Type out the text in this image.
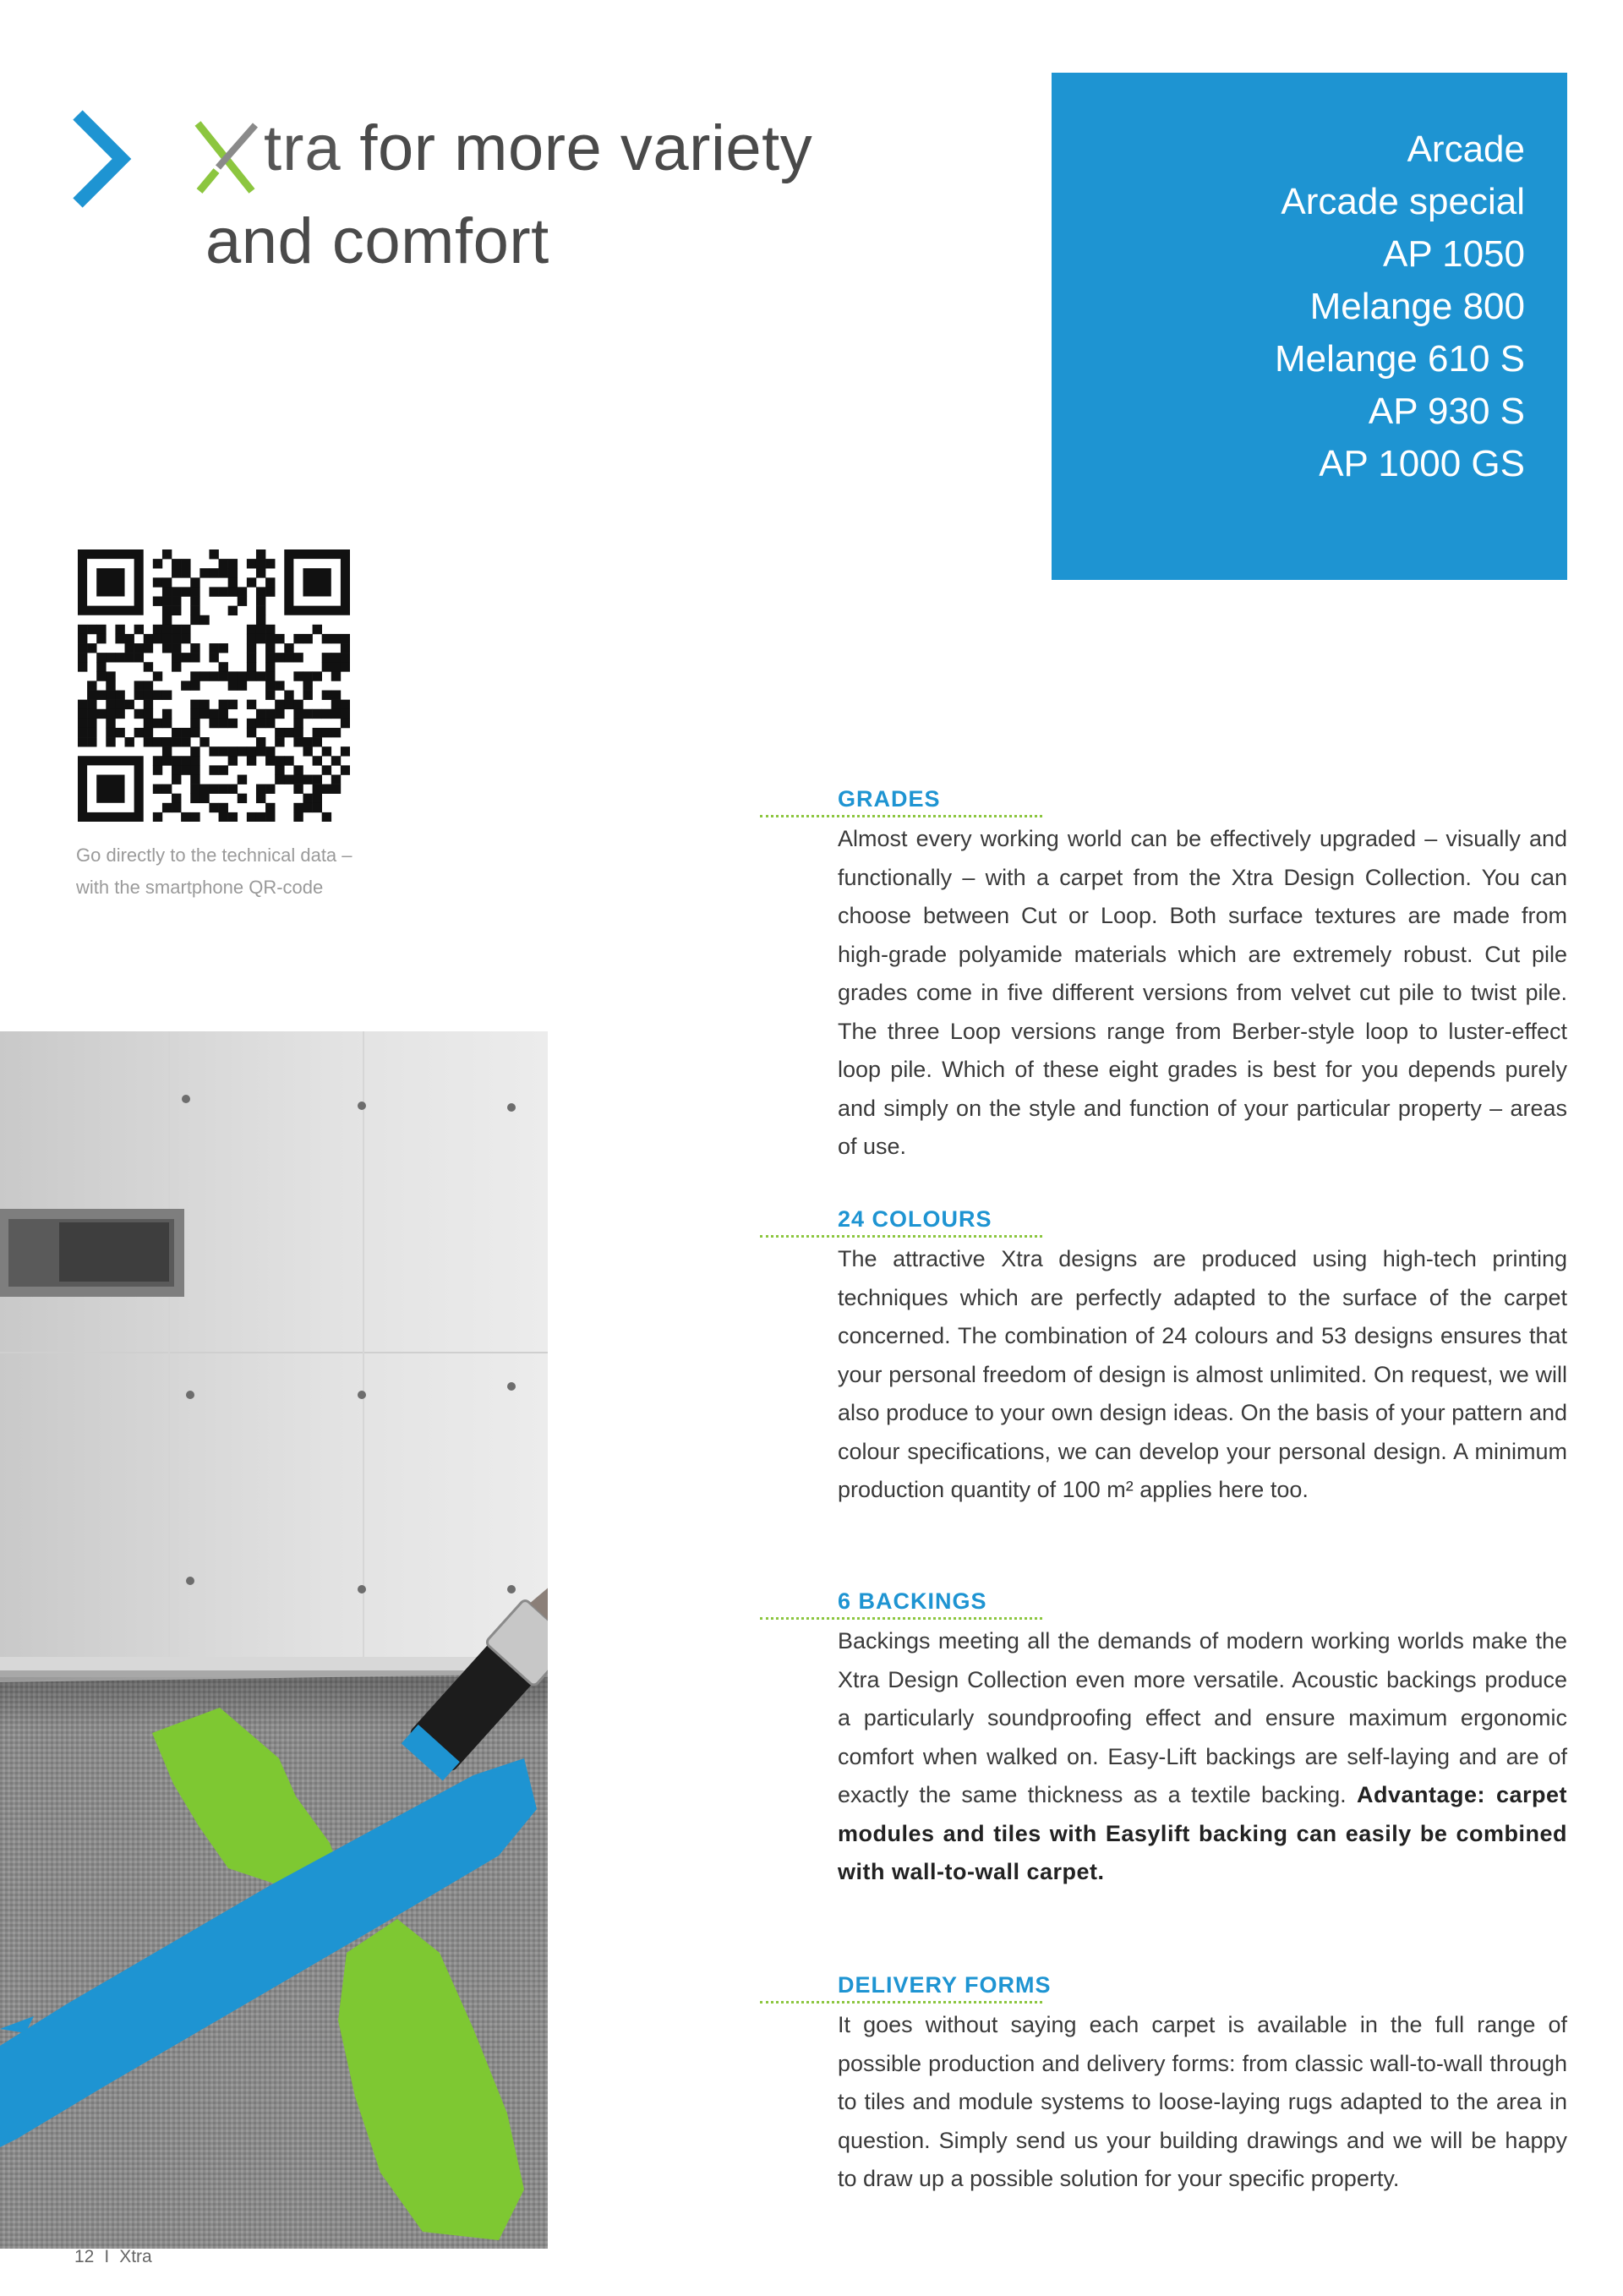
tra for more variety
and comfort
Arcade
Arcade special
AP 1050
Melange 800
Melange 610 S
AP 930 S
AP 1000 GS
Go directly to the technical data –
with the smartphone QR-code
GRADES

Almost every working world can be effectively upgraded – visually and functionally – with a carpet from the Xtra Design Collection. You can choose between Cut or Loop. Both surface textures are made from high-grade polyamide materials which are extremely robust. Cut pile grades come in five different versions from velvet cut pile to twist pile. The three Loop versions range from Berber-style loop to luster-effect loop pile. Which of these eight grades is best for you depends purely and simply on the style and function of your particular property – areas of use.

24 COLOURS

The attractive Xtra designs are produced using high-tech printing techniques which are perfectly adapted to the surface of the carpet concerned. The combination of 24 colours and 53 designs ensures that your personal freedom of design is almost unlimited. On request, we will also produce to your own design ideas. On the basis of your pattern and colour specifications, we can develop your personal design. A minimum production quantity of 100 m² applies here too.

6 BACKINGS

Backings meeting all the demands of modern working worlds make the Xtra Design Collection even more versatile. Acoustic backings produce a particularly soundproofing effect and ensure maximum ergonomic comfort when walked on. Easy-Lift backings are self-laying and are of exactly the same thickness as a textile backing. Advantage: carpet modules and tiles with Easylift backing can easily be combined with wall-to-wall carpet.

DELIVERY FORMS

It goes without saying each carpet is available in the full range of possible production and delivery forms: from classic wall-to-wall through to tiles and module systems to loose-laying rugs adapted to the area in question. Simply send us your building drawings and we will be happy to draw up a possible solution for your specific property.

12 I Xtra
